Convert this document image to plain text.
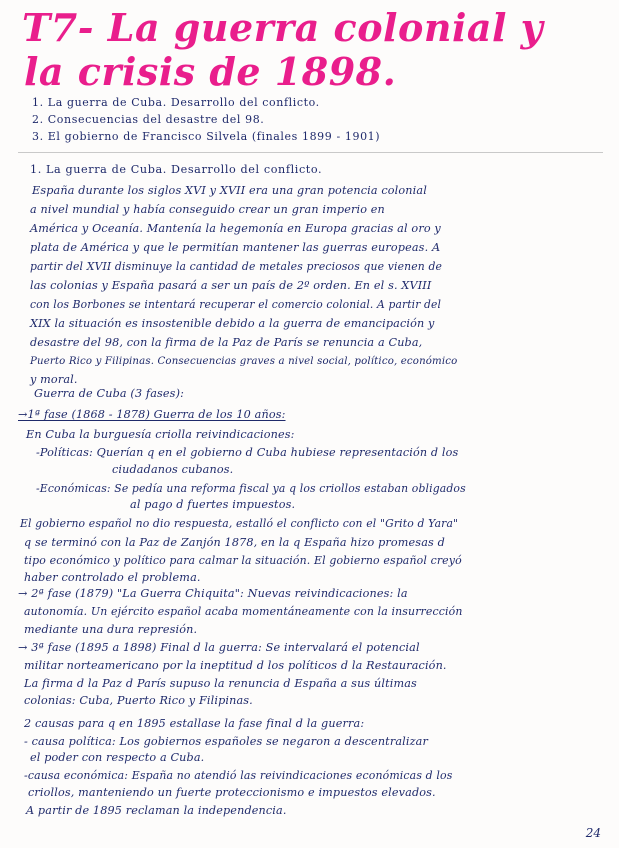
T7- La guerra colonial y
la crisis de 1898.
1. La guerra de Cuba. Desarrollo del conflicto.
2. Consecuencias del desastre del 98.
3. El gobierno de Francisco Silvela (finales 1899 - 1901)
1. La guerra de Cuba. Desarrollo del conflicto.
España durante los siglos XVI y XVII era una gran potencia colonial
a nivel mundial y había conseguido crear un gran imperio en
América y Oceanía. Mantenía la hegemonía en Europa gracias al oro y
plata de América y que le permitían mantener las guerras europeas. A
partir del XVII disminuye la cantidad de metales preciosos que vienen de
las colonias y España pasará a ser un país de 2º orden. En el s. XVIII
con los Borbones se intentará recuperar el comercio colonial. A partir del
XIX la situación es insostenible debido a la guerra de emancipación y
desastre del 98, con la firma de la Paz de París se renuncia a Cuba,
Puerto Rico y Filipinas. Consecuencias graves a nivel social, político, económico
y moral.
Guerra de Cuba (3 fases):
→1ª fase (1868 - 1878) Guerra de los 10 años:
En Cuba la burguesía criolla reivindicaciones:
-Políticas: Querían q en el gobierno d Cuba hubiese representación d los
ciudadanos cubanos.
-Económicas: Se pedía una reforma fiscal ya q los criollos estaban obligados
al pago d fuertes impuestos.
El gobierno español no dio respuesta, estalló el conflicto con el "Grito d Yara"
q se terminó con la Paz de Zanjón 1878, en la q España hizo promesas d
tipo económico y político para calmar la situación. El gobierno español creyó
haber controlado el problema.
→ 2ª fase (1879) "La Guerra Chiquita": Nuevas reivindicaciones: la
autonomía. Un ejército español acaba momentáneamente con la insurrección
mediante una dura represión.
→ 3ª fase (1895 a 1898) Final d la guerra: Se intervalará el potencial
militar norteamericano por la ineptitud d los políticos d la Restauración.
La firma d la Paz d París supuso la renuncia d España a sus últimas
colonias: Cuba, Puerto Rico y Filipinas.
2 causas para q en 1895 estallase la fase final d la guerra:
- causa política: Los gobiernos españoles se negaron a descentralizar
el poder con respecto a Cuba.
-causa económica: España no atendió las reivindicaciones económicas d los
criollos, manteniendo un fuerte proteccionismo e impuestos elevados.
A partir de 1895 reclaman la independencia.
24
